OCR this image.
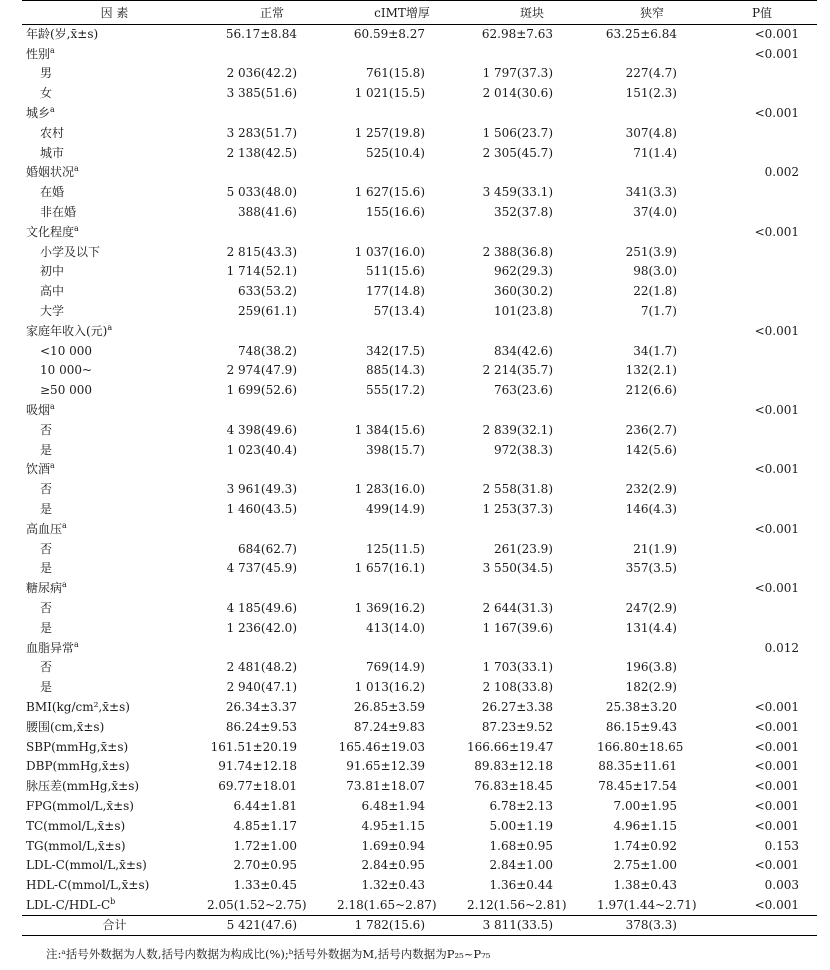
因 素	正常	cIMT增厚	斑块	狭窄	P值
年龄(岁,x̄±s)	56.17±8.84	60.59±8.27	62.98±7.63	63.25±6.84	<0.001
性别$^a$					<0.001
男	2 036(42.2)	761(15.8)	1 797(37.3)	227(4.7)	
女	3 385(51.6)	1 021(15.5)	2 014(30.6)	151(2.3)	
城乡$^a$					<0.001
农村	3 283(51.7)	1 257(19.8)	1 506(23.7)	307(4.8)	
城市	2 138(42.5)	525(10.4)	2 305(45.7)	71(1.4)	
婚姻状况$^a$					0.002
在婚	5 033(48.0)	1 627(15.6)	3 459(33.1)	341(3.3)	
非在婚	388(41.6)	155(16.6)	352(37.8)	37(4.0)	
文化程度$^a$					<0.001
小学及以下	2 815(43.3)	1 037(16.0)	2 388(36.8)	251(3.9)	
初中	1 714(52.1)	511(15.6)	962(29.3)	98(3.0)	
高中	633(53.2)	177(14.8)	360(30.2)	22(1.8)	
大学	259(61.1)	57(13.4)	101(23.8)	7(1.7)	
家庭年收入(元)$^a$					<0.001
<10 000	748(38.2)	342(17.5)	834(42.6)	34(1.7)	
10 000~	2 974(47.9)	885(14.3)	2 214(35.7)	132(2.1)	
≥50 000	1 699(52.6)	555(17.2)	763(23.6)	212(6.6)	
吸烟$^a$					<0.001
否	4 398(49.6)	1 384(15.6)	2 839(32.1)	236(2.7)	
是	1 023(40.4)	398(15.7)	972(38.3)	142(5.6)	
饮酒$^a$					<0.001
否	3 961(49.3)	1 283(16.0)	2 558(31.8)	232(2.9)	
是	1 460(43.5)	499(14.9)	1 253(37.3)	146(4.3)	
高血压$^a$					<0.001
否	684(62.7)	125(11.5)	261(23.9)	21(1.9)	
是	4 737(45.9)	1 657(16.1)	3 550(34.5)	357(3.5)	
糖尿病$^a$					<0.001
否	4 185(49.6)	1 369(16.2)	2 644(31.3)	247(2.9)	
是	1 236(42.0)	413(14.0)	1 167(39.6)	131(4.4)	
血脂异常$^a$					0.012
否	2 481(48.2)	769(14.9)	1 703(33.1)	196(3.8)	
是	2 940(47.1)	1 013(16.2)	2 108(33.8)	182(2.9)	
BMI(kg/cm²,x̄±s)	26.34±3.37	26.85±3.59	26.27±3.38	25.38±3.20	<0.001
腰围(cm,x̄±s)	86.24±9.53	87.24±9.83	87.23±9.52	86.15±9.43	<0.001
SBP(mmHg,x̄±s)	161.51±20.19	165.46±19.03	166.66±19.47	166.80±18.65	<0.001
DBP(mmHg,x̄±s)	91.74±12.18	91.65±12.39	89.83±12.18	88.35±11.61	<0.001
脉压差(mmHg,x̄±s)	69.77±18.01	73.81±18.07	76.83±18.45	78.45±17.54	<0.001
FPG(mmol/L,x̄±s)	6.44±1.81	6.48±1.94	6.78±2.13	7.00±1.95	<0.001
TC(mmol/L,x̄±s)	4.85±1.17	4.95±1.15	5.00±1.19	4.96±1.15	<0.001
TG(mmol/L,x̄±s)	1.72±1.00	1.69±0.94	1.68±0.95	1.74±0.92	0.153
LDL-C(mmol/L,x̄±s)	2.70±0.95	2.84±0.95	2.84±1.00	2.75±1.00	<0.001
HDL-C(mmol/L,x̄±s)	1.33±0.45	1.32±0.43	1.36±0.44	1.38±0.43	0.003
LDL-$C/HDL-C^b$	2.05(1.52~2.75)	2.18(1.65~2.87)	2.12(1.56~2.81)	1.97(1.44~2.71)	<0.001
合计	5 421(47.6)	1 782(15.6)	3 811(33.5)	378(3.3)	
注:ᵃ括号外数据为人数,括号内数据为构成比(%);ᵇ括号外数据为M,括号内数据为P₂₅~P₇₅
